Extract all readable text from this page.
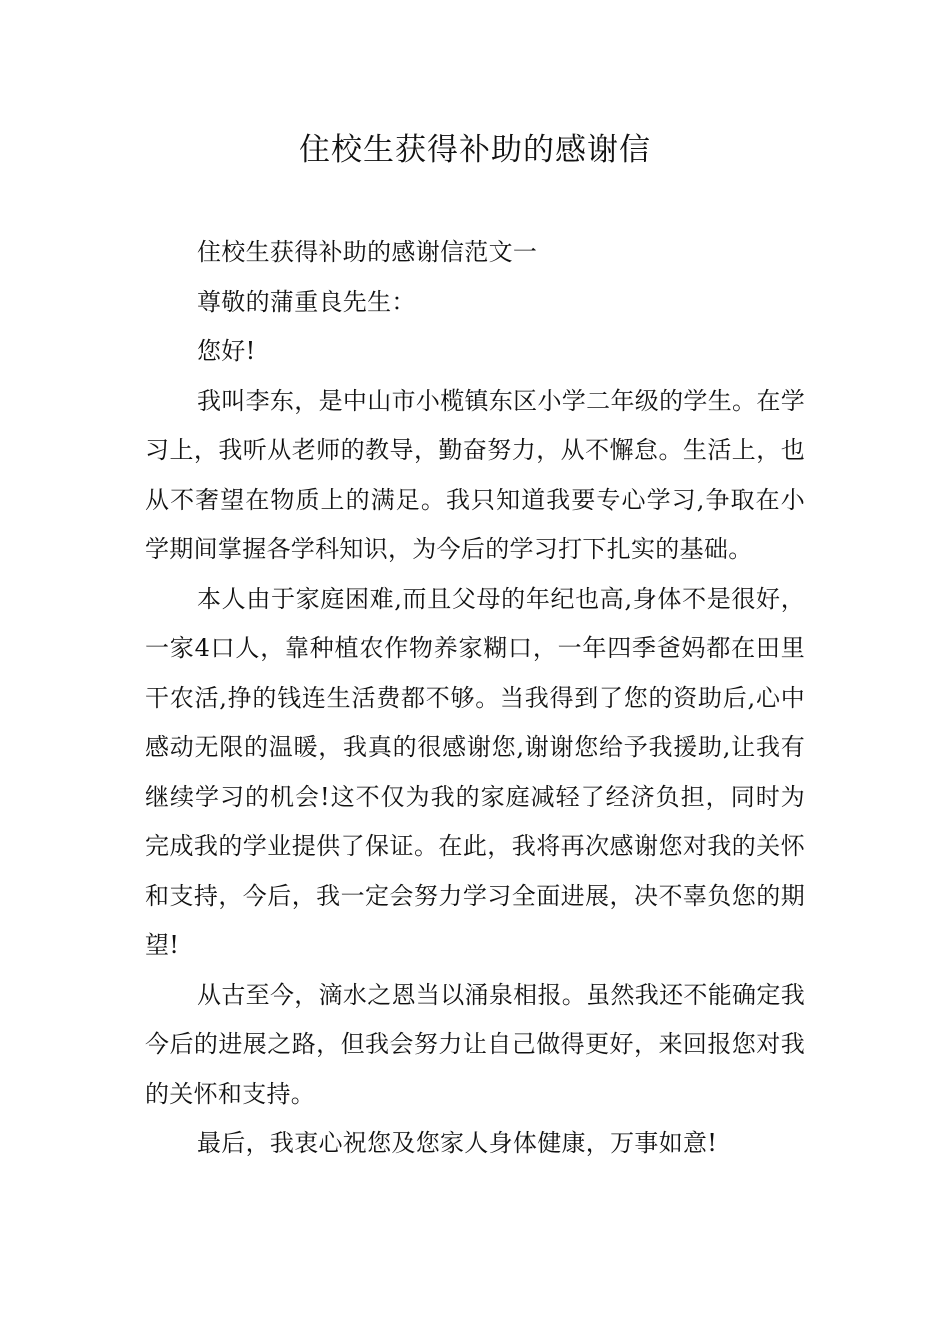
住校生获得补助的感谢信

住校生获得补助的感谢信范文一

尊敬的蒲重良先生：

您好!

我叫李东，是中山市小榄镇东区小学二年级的学生。在学习上，我听从老师的教导，勤奋努力，从不懈怠。生活上，也从不奢望在物质上的满足。我只知道我要专心学习,争取在小学期间掌握各学科知识，为今后的学习打下扎实的基础。

本人由于家庭困难,而且父母的年纪也高,身体不是很好，一家4口人，靠种植农作物养家糊口，一年四季爸妈都在田里干农活,挣的钱连生活费都不够。当我得到了您的资助后,心中感动无限的温暖，我真的很感谢您,谢谢您给予我援助,让我有继续学习的机会!这不仅为我的家庭减轻了经济负担，同时为完成我的学业提供了保证。在此，我将再次感谢您对我的关怀和支持，今后，我一定会努力学习全面进展，决不辜负您的期望!

从古至今，滴水之恩当以涌泉相报。虽然我还不能确定我今后的进展之路，但我会努力让自己做得更好，来回报您对我的关怀和支持。

最后，我衷心祝您及您家人身体健康，万事如意!
